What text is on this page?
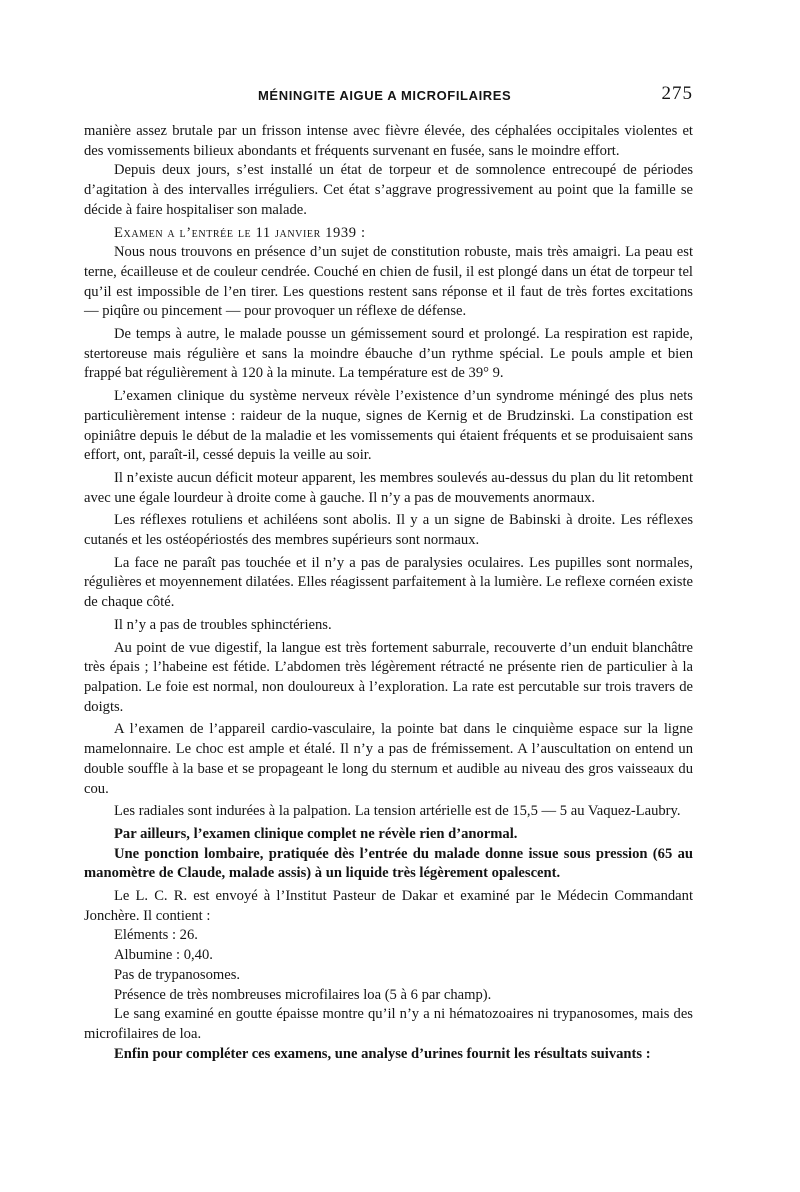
MÉNINGITE AIGUE A MICROFILAIRES	275

manière assez brutale par un frisson intense avec fièvre élevée, des céphalées occipitales violentes et des vomissements bilieux abondants et fréquents survenant en fusée, sans le moindre effort.

Depuis deux jours, s’est installé un état de torpeur et de somnolence entrecoupé de périodes d’agitation à des intervalles irréguliers. Cet état s’aggrave progressivement au point que la famille se décide à faire hospitaliser son malade.

Examen a l’entrée le 11 janvier 1939 :

Nous nous trouvons en présence d’un sujet de constitution robuste, mais très amaigri. La peau est terne, écailleuse et de couleur cendrée. Couché en chien de fusil, il est plongé dans un état de torpeur tel qu’il est impossible de l’en tirer. Les questions restent sans réponse et il faut de très fortes excitations — piqûre ou pincement — pour provoquer un réflexe de défense.

De temps à autre, le malade pousse un gémissement sourd et prolongé. La respiration est rapide, stertoreuse mais régulière et sans la moindre ébauche d’un rythme spécial. Le pouls ample et bien frappé bat régulièrement à 120 à la minute. La température est de 39° 9.

L’examen clinique du système nerveux révèle l’existence d’un syndrome méningé des plus nets particulièrement intense : raideur de la nuque, signes de Kernig et de Brudzinski. La constipation est opiniâtre depuis le début de la maladie et les vomissements qui étaient fréquents et se produisaient sans effort, ont, paraît-il, cessé depuis la veille au soir.

Il n’existe aucun déficit moteur apparent, les membres soulevés au-dessus du plan du lit retombent avec une égale lourdeur à droite come à gauche. Il n’y a pas de mouvements anormaux.

Les réflexes rotuliens et achiléens sont abolis. Il y a un signe de Babinski à droite. Les réflexes cutanés et les ostéopériostés des membres supérieurs sont normaux.

La face ne paraît pas touchée et il n’y a pas de paralysies oculaires. Les pupilles sont normales, régulières et moyennement dilatées. Elles réagissent parfaitement à la lumière. Le reflexe cornéen existe de chaque côté.

Il n’y a pas de troubles sphinctériens.

Au point de vue digestif, la langue est très fortement saburrale, recouverte d’un enduit blanchâtre très épais ; l’habeine est fétide. L’abdomen très légèrement rétracté ne présente rien de particulier à la palpation. Le foie est normal, non douloureux à l’exploration. La rate est percutable sur trois travers de doigts.

A l’examen de l’appareil cardio-vasculaire, la pointe bat dans le cinquième espace sur la ligne mamelonnaire. Le choc est ample et étalé. Il n’y a pas de frémissement. A l’auscultation on entend un double souffle à la base et se propageant le long du sternum et audible au niveau des gros vaisseaux du cou.

Les radiales sont indurées à la palpation. La tension artérielle est de 15,5 — 5 au Vaquez-Laubry.

Par ailleurs, l’examen clinique complet ne révèle rien d’anormal.

Une ponction lombaire, pratiquée dès l’entrée du malade donne issue sous pression (65 au manomètre de Claude, malade assis) à un liquide très légèrement opalescent.

Le L. C. R. est envoyé à l’Institut Pasteur de Dakar et examiné par le Médecin Commandant Jonchère. Il contient :

Eléments : 26.
Albumine : 0,40.
Pas de trypanosomes.
Présence de très nombreuses microfilaires loa (5 à 6 par champ).

Le sang examiné en goutte épaisse montre qu’il n’y a ni hématozoaires ni trypanosomes, mais des microfilaires de loa.

Enfin pour compléter ces examens, une analyse d’urines fournit les résultats suivants :
